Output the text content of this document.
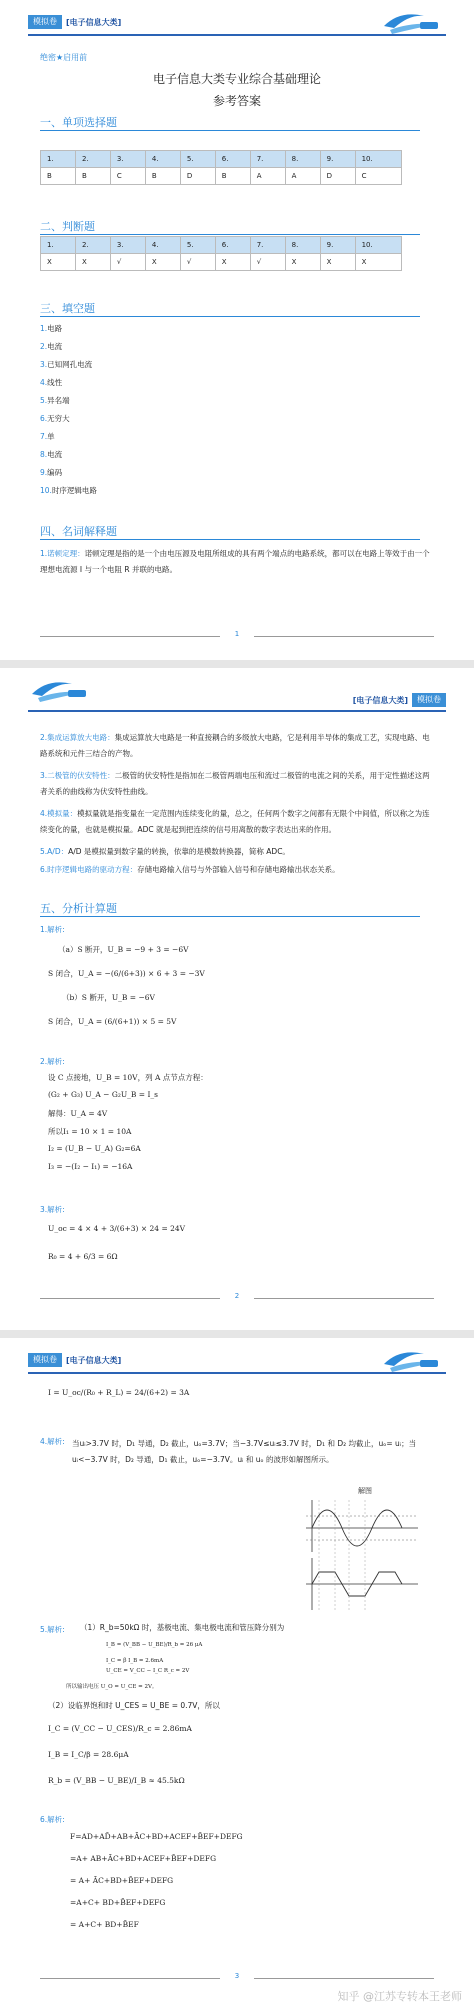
模拟卷	[电子信息大类]
绝密★启用前
电子信息大类专业综合基础理论
参考答案
一、单项选择题
1.	2.	3.	4.	5.	6.	7.	8.	9.	10.
B	B	C	B	D	B	A	A	D	C
二、判断题
1.	2.	3.	4.	5.	6.	7.	8.	9.	10.
X	X	√	X	√	X	√	X	X	X
三、填空题
1.电路
2.电流
3.已知网孔电流
4.线性
5.异名端
6.无穷大
7.单
8.电流
9.编码
10.时序逻辑电路
四、名词解释题
1.诺顿定理：诺顿定理是指的是一个由电压源及电阻所组成的具有两个端点的电路系统，都可以在电路上等效于由一个理想电流源 I 与一个电阻 R 并联的电路。
1
[电子信息大类]	模拟卷
2.集成运算放大电路：集成运算放大电路是一种直接耦合的多级放大电路，它是利用半导体的集成工艺，实现电路、电路系统和元件三结合的产物。
3.二极管的伏安特性：二极管的伏安特性是指加在二极管两端电压和流过二极管的电流之间的关系，用于定性描述这两者关系的曲线称为伏安特性曲线。
4.模拟量：模拟量就是指变量在一定范围内连续变化的量，总之，任何两个数字之间都有无限个中间值，所以称之为连续变化的量，也就是模拟量。ADC 就是起到把连续的信号用离散的数字表达出来的作用。
5.A/D：A/D 是模拟量到数字量的转换，依靠的是模数转换器，简称 ADC。
6.时序逻辑电路的驱动方程：存储电路输入信号与外部输入信号和存储电路输出状态关系。
五、分析计算题
1.解析:
（a）S 断开，U_B = −9 + 3 = −6V
S 闭合，U_A = −(6/(6+3)) × 6 + 3 = −3V
（b）S 断开，U_B = −6V
S 闭合，U_A = (6/(6+1)) × 5 = 5V
2.解析:
设 C 点接地，U_B = 10V，列 A 点节点方程：
(G₂ + G₃) U_A − G₂U_B = I_s
解得：U_A = 4V
所以I₁ = 10 × 1 = 10A
I₂ = (U_B − U_A) G₂=6A
I₃ = −(I₂ − I₁) = −16A
3.解析:
U_oc = 4 × 4 + 3/(6+3) × 24 = 24V
R₀ = 4 + 6/3 = 6Ω
2
模拟卷	[电子信息大类]
I = U_oc/(R₀ + R_L) = 24/(6+2) = 3A
4.解析: 当uᵢ>3.7V 时，D₁ 导通，D₂ 截止，uₒ=3.7V；当−3.7V≤uᵢ≤3.7V 时，D₁ 和 D₂ 均截止，uₒ= uᵢ；当uᵢ<−3.7V 时，D₂ 导通，D₁ 截止，uₒ=−3.7V。uᵢ 和 uₒ 的波形如解图所示。
解图
5.解析: （1）R_b=50kΩ 时，基极电流、集电极电流和管压降分别为
I_B = (V_BB − U_BE)/R_b = 26 μA
I_C = β I_B = 2.6mA
U_CE = V_CC − I_C R_c = 2V
所以输出电压 U_O = U_CE = 2V。
（2）设临界饱和时 U_CES = U_BE = 0.7V，所以
I_C = (V_CC − U_CES)/R_c = 2.86mA
I_B = I_C/β = 28.6μA
R_b = (V_BB − U_BE)/I_B ≈ 45.5kΩ
6.解析:
F=AD+AD̄+AB+ĀC+BD+ACEF+B̄EF+DEFG
=A+ AB+ĀC+BD+ACEF+B̄EF+DEFG
= A+ ĀC+BD+B̄EF+DEFG
=A+C+ BD+B̄EF+DEFG
= A+C+ BD+B̄EF
3
知乎 @江苏专转本王老师
